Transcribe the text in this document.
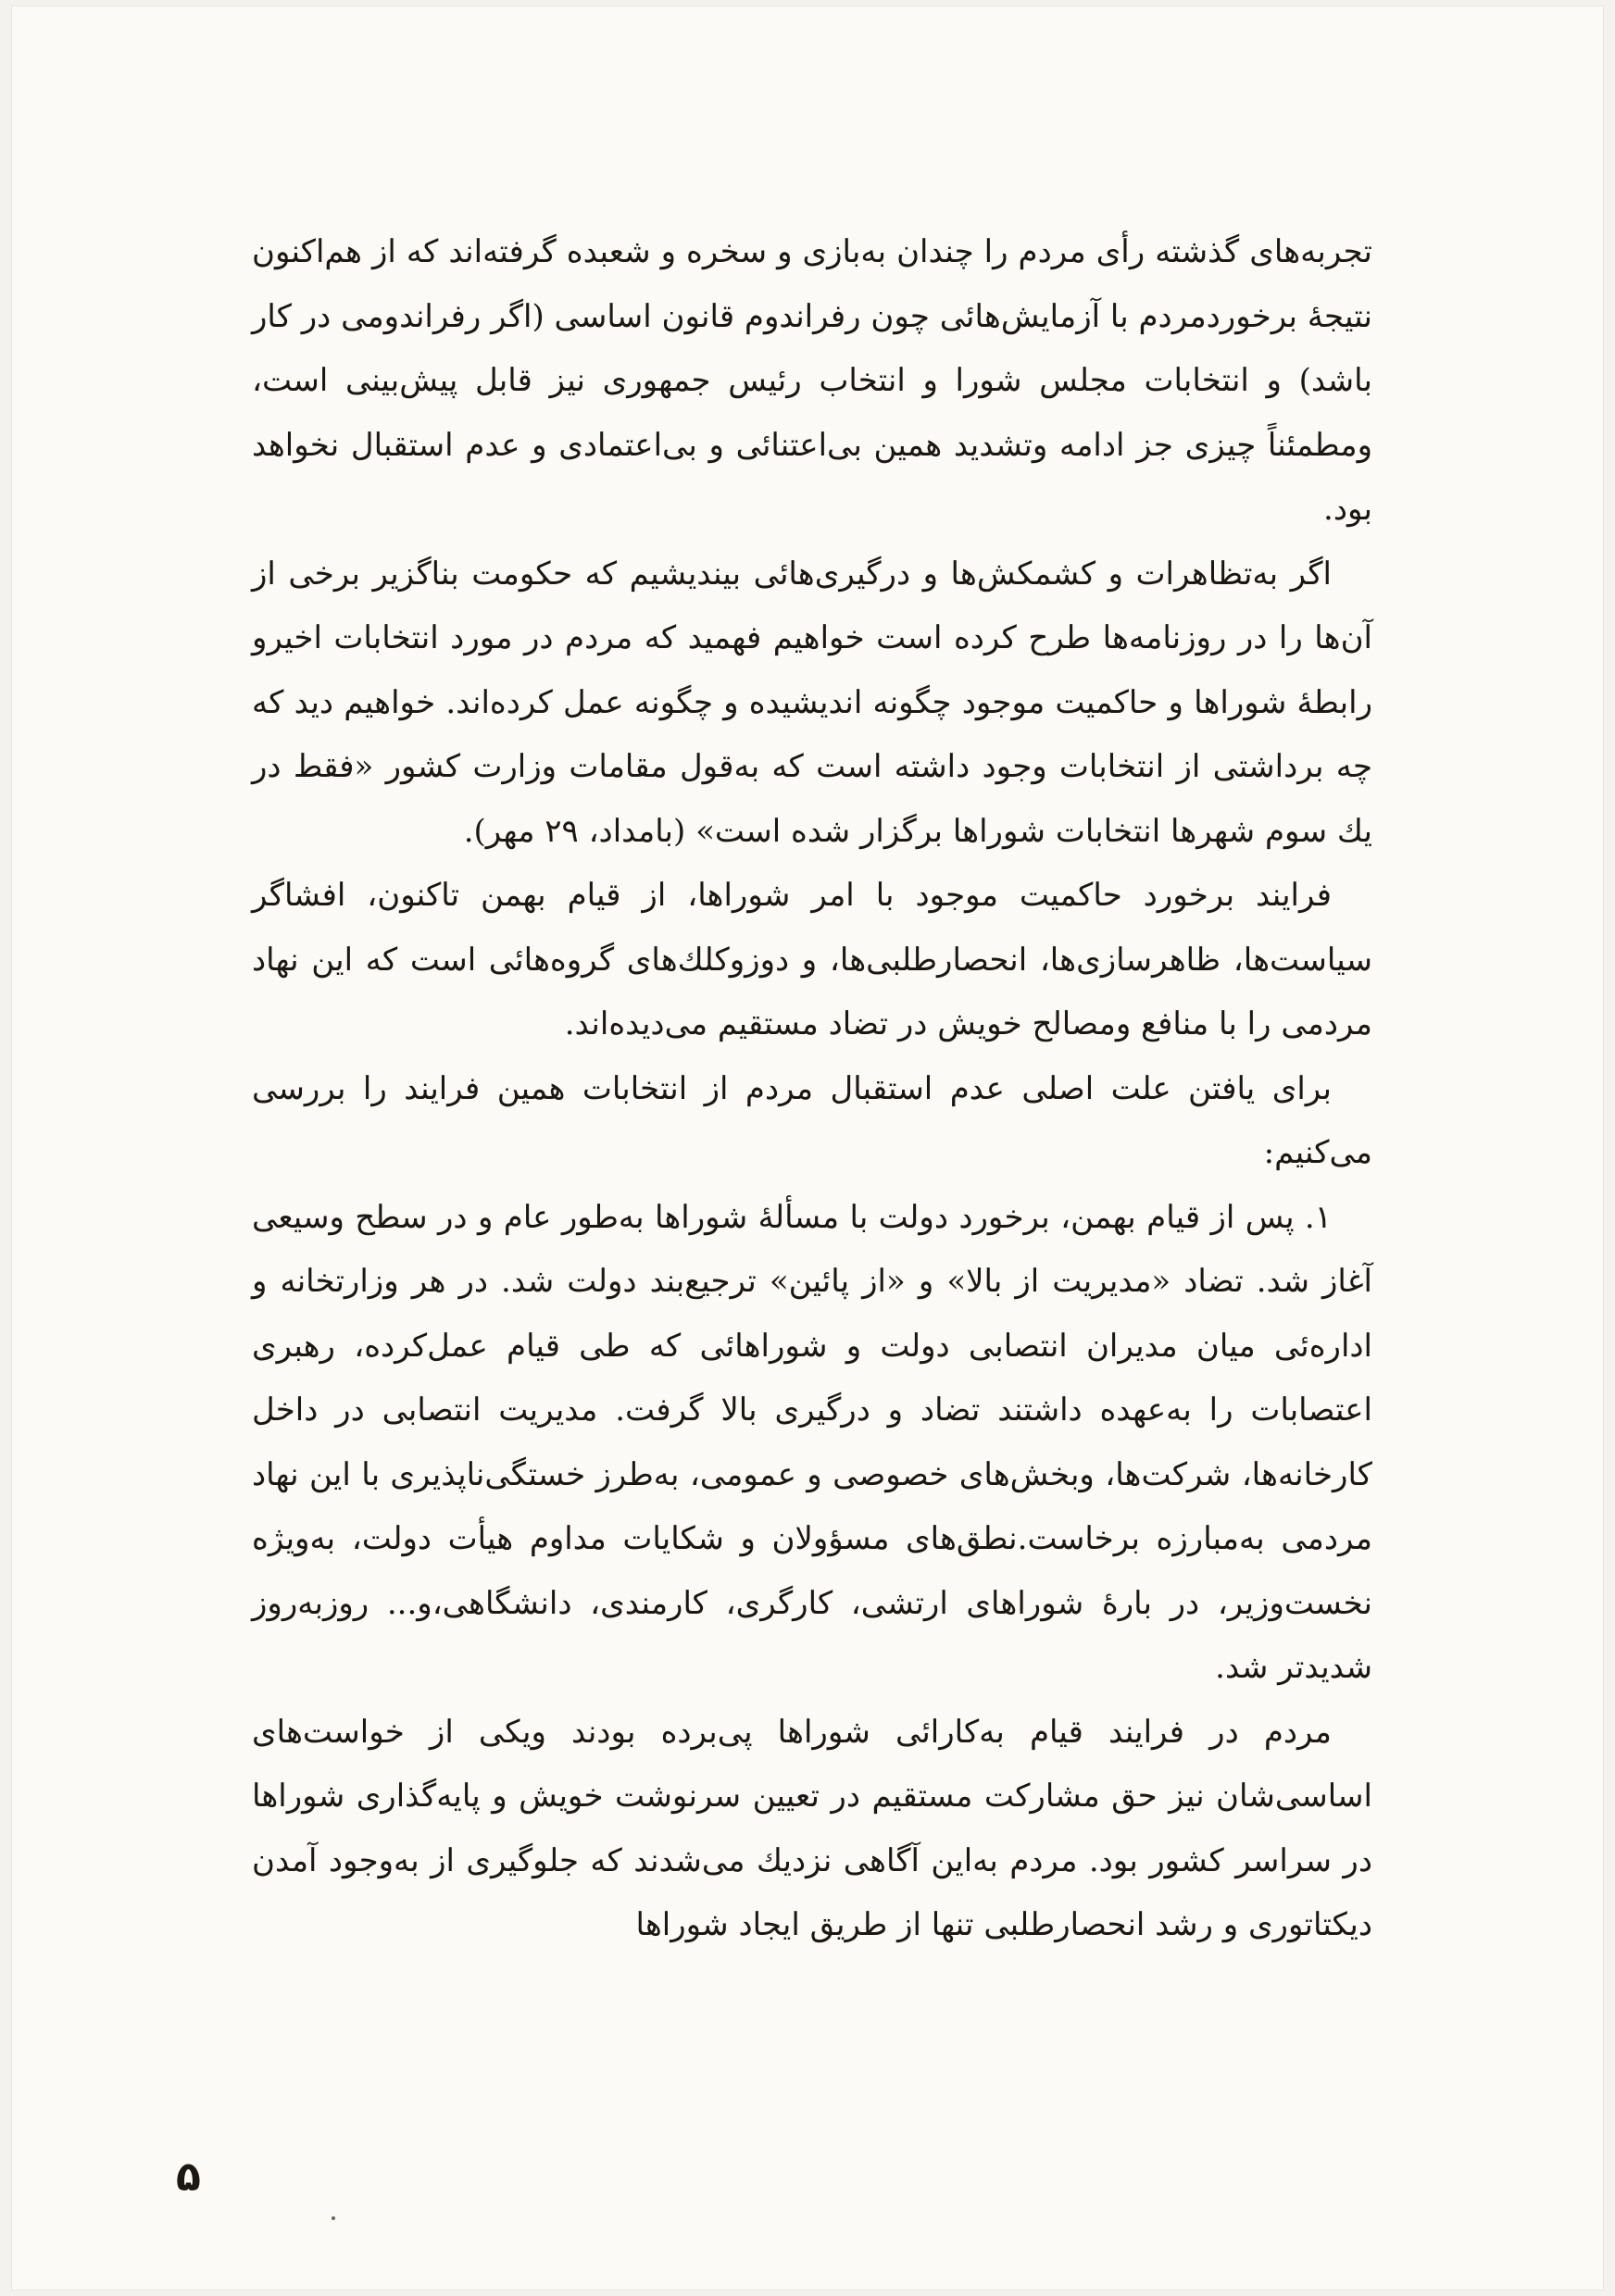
تجربه‌های گذشته رأی مردم را چندان به‌بازی و سخره و شعبده گرفته‌اند که از هم‌اکنون نتیجهٔ برخوردمردم با آزمایش‌هائی چون رفراندوم قانون اساسی (اگر رفراندومی در کار باشد) و انتخابات مجلس شورا و انتخاب رئیس جمهوری نیز قابل پیش‌بینی است، ومطمئناً چیزی جز ادامه وتشدید همین بی‌اعتنائی و بی‌اعتمادی و عدم استقبال نخواهد بود.

اگر به‌تظاهرات و کشمکش‌ها و درگیری‌هائی بیندیشیم که حکومت بناگزیر برخی از آن‌ها را در روزنامه‌ها طرح کرده است خواهیم فهمید که مردم در مورد انتخابات اخیرو رابطهٔ شوراها و حاکمیت موجود چگونه اندیشیده و چگونه عمل کرده‌اند. خواهیم دید که چه برداشتی از انتخابات وجود داشته است که به‌قول مقامات وزارت کشور «فقط در یك سوم شهرها انتخابات شوراها برگزار شده است» (بامداد، ۲۹ مهر).

فرایند برخورد حاکمیت موجود با امر شوراها، از قیام بهمن تاکنون، افشاگر سیاست‌ها، ظاهرسازی‌ها، انحصارطلبی‌ها، و دوزوکلك‌های گروه‌هائی است که این نهاد مردمی را با منافع ومصالح خویش در تضاد مستقیم می‌دیده‌اند.

برای یافتن علت اصلی عدم استقبال مردم از انتخابات همین فرایند را بررسی می‌کنیم:

۱. پس از قیام بهمن، برخورد دولت با مسألهٔ شوراها به‌طور عام و در سطح وسیعی آغاز شد. تضاد «مدیریت از بالا» و «از پائین» ترجیع‌بند دولت شد. در هر وزارتخانه و اداره‌ئی میان مدیران انتصابی دولت و شوراهائی که طی قیام عمل‌کرده، رهبری اعتصابات را به‌عهده داشتند تضاد و درگیری بالا گرفت. مدیریت انتصابی در داخل کارخانه‌ها، شرکت‌ها، وبخش‌های خصوصی و عمومی، به‌طرز خستگی‌ناپذیری با این نهاد مردمی به‌مبارزه برخاست.نطق‌های مسؤولان و شکایات مداوم هیأت دولت، به‌ویژه نخست‌وزیر، در بارهٔ شوراهای ارتشی، کارگری، کارمندی، دانشگاهی،و... روزبه‌روز شدیدتر شد.

مردم در فرایند قیام به‌کارائی شوراها پی‌برده بودند ویکی از خواست‌های اساسی‌شان نیز حق مشارکت مستقیم در تعیین سرنوشت خویش و پایه‌گذاری شوراها در سراسر کشور بود. مردم به‌این آگاهی نزدیك می‌شدند که جلوگیری از به‌وجود آمدن دیکتاتوری و رشد انحصارطلبی تنها از طریق ایجاد شوراها

۵
